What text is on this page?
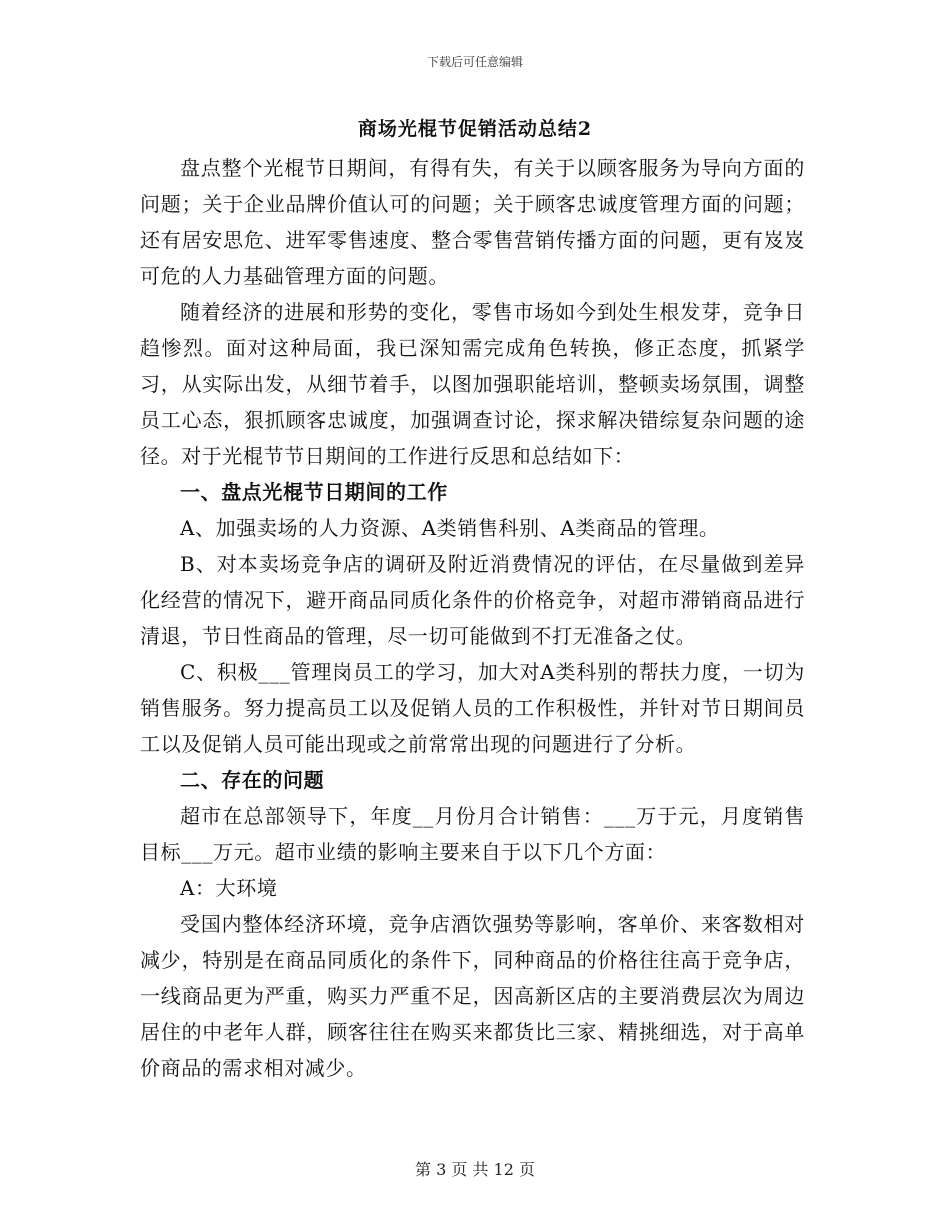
下载后可任意编辑
商场光棍节促销活动总结2

盘点整个光棍节日期间，有得有失，有关于以顾客服务为导向方面的问题；关于企业品牌价值认可的问题；关于顾客忠诚度管理方面的问题；还有居安思危、进军零售速度、整合零售营销传播方面的问题，更有岌岌可危的人力基础管理方面的问题。

随着经济的进展和形势的变化，零售市场如今到处生根发芽，竞争日趋惨烈。面对这种局面，我已深知需完成角色转换，修正态度，抓紧学习，从实际出发，从细节着手，以图加强职能培训，整顿卖场氛围，调整员工心态，狠抓顾客忠诚度，加强调查讨论，探求解决错综复杂问题的途径。对于光棍节节日期间的工作进行反思和总结如下：

一、盘点光棍节日期间的工作

A、加强卖场的人力资源、A类销售科别、A类商品的管理。

B、对本卖场竞争店的调研及附近消费情况的评估，在尽量做到差异化经营的情况下，避开商品同质化条件的价格竞争，对超市滞销商品进行清退，节日性商品的管理，尽一切可能做到不打无准备之仗。

C、积极___管理岗员工的学习，加大对A类科别的帮扶力度，一切为销售服务。努力提高员工以及促销人员的工作积极性，并针对节日期间员工以及促销人员可能出现或之前常常出现的问题进行了分析。

二、存在的问题

超市在总部领导下，年度__月份月合计销售：___万于元，月度销售目标___万元。超市业绩的影响主要来自于以下几个方面：

A：大环境

受国内整体经济环境，竞争店酒饮强势等影响，客单价、来客数相对减少，特别是在商品同质化的条件下，同种商品的价格往往高于竞争店，一线商品更为严重，购买力严重不足，因高新区店的主要消费层次为周边居住的中老年人群，顾客往往在购买来都货比三家、精挑细选，对于高单价商品的需求相对减少。

第 3 页 共 12 页
